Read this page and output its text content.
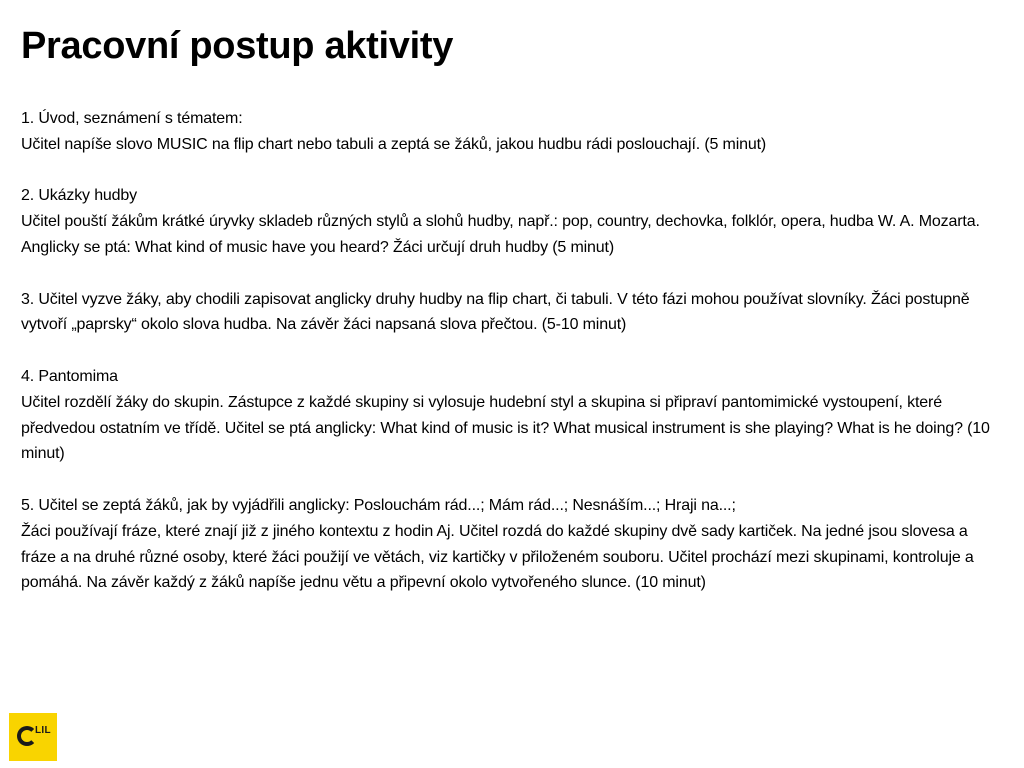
Pracovní postup aktivity

1. Úvod, seznámení s tématem:

Učitel napíše slovo MUSIC na flip chart nebo tabuli a zeptá se žáků, jakou hudbu rádi poslouchají. (5 minut)

2. Ukázky hudby

Učitel pouští žákům krátké úryvky skladeb různých stylů a slohů hudby, např.: pop, country, dechovka, folklór, opera, hudba W. A. Mozarta. Anglicky se ptá: What kind of music have you heard? Žáci určují druh hudby (5 minut)

3. Učitel vyzve žáky, aby chodili zapisovat anglicky druhy hudby na flip chart, či tabuli. V této fázi mohou používat slovníky. Žáci postupně vytvoří „paprsky“ okolo slova hudba. Na závěr žáci napsaná slova přečtou. (5-10 minut)

4. Pantomima

Učitel rozdělí žáky do skupin. Zástupce z každé skupiny si vylosuje hudební styl a skupina si připraví pantomimické vystoupení, které předvedou ostatním ve třídě. Učitel se ptá anglicky: What kind of music is it? What musical instrument is she playing? What is he doing? (10 minut)

5. Učitel se zeptá žáků, jak by vyjádřili anglicky: Poslouchám rád...; Mám rád...; Nesnáším...; Hraji na...;

Žáci používají fráze, které znají již z jiného kontextu z hodin Aj. Učitel rozdá do každé skupiny dvě sady kartiček. Na jedné jsou slovesa a fráze a na druhé různé osoby, které žáci použijí ve větách, viz kartičky v přiloženém souboru. Učitel prochází mezi skupinami, kontroluje a pomáhá. Na závěr každý z žáků napíše jednu větu a připevní okolo vytvořeného slunce. (10 minut)

LIL
